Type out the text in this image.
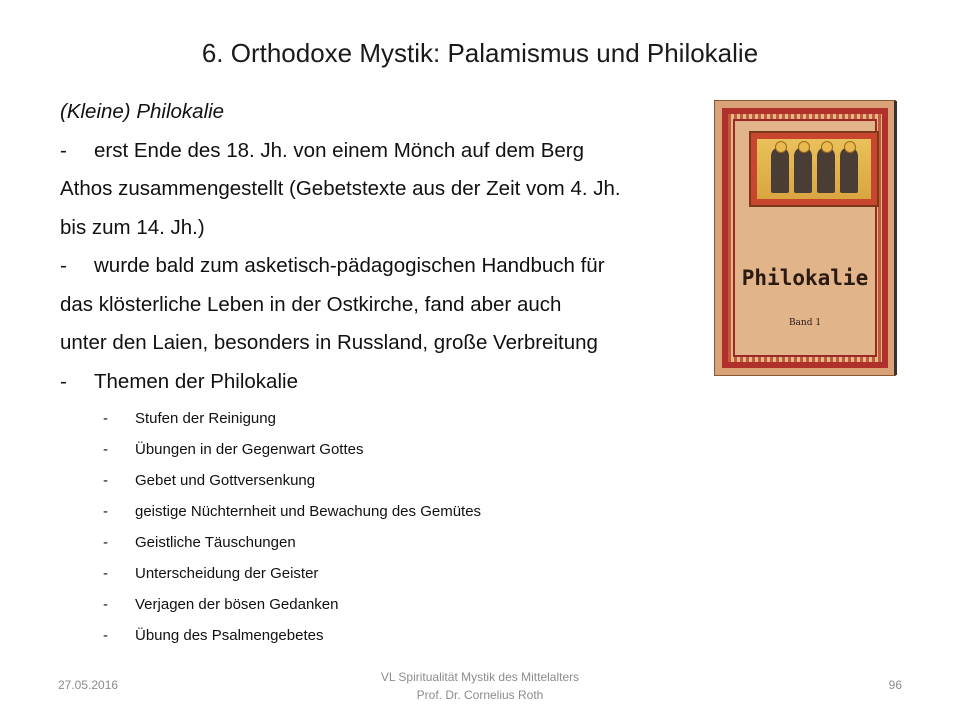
6. Orthodoxe Mystik: Palamismus und Philokalie
(Kleine) Philokalie
- erst Ende des 18. Jh. von einem Mönch auf dem Berg
Athos zusammengestellt (Gebetstexte aus der Zeit vom 4. Jh.
bis zum 14. Jh.)
- wurde bald zum asketisch-pädagogischen Handbuch für
das klösterliche Leben in der Ostkirche, fand aber auch
unter den Laien, besonders in Russland, große Verbreitung
- Themen der Philokalie
- Stufen der Reinigung
- Übungen in der Gegenwart Gottes
- Gebet und Gottversenkung
- geistige Nüchternheit und Bewachung des Gemütes
- Geistliche Täuschungen
- Unterscheidung der Geister
- Verjagen der bösen Gedanken
- Übung des Psalmengebetes
Philokalie
Band 1
27.05.2016
VL Spiritualität Mystik des Mittelalters
Prof. Dr. Cornelius Roth
96
